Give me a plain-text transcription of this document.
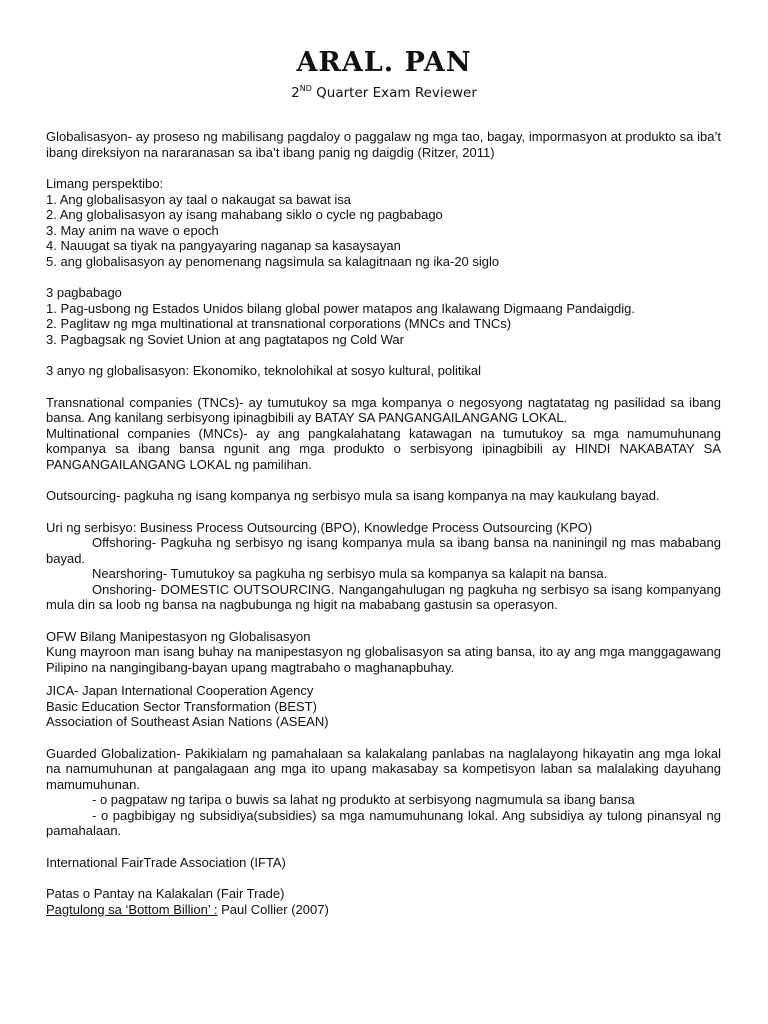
ARAL. PAN
2ND Quarter Exam Reviewer

Globalisasyon- ay proseso ng mabilisang pagdaloy o paggalaw ng mga tao, bagay, impormasyon at produkto sa iba’t ibang direksiyon na nararanasan sa iba’t ibang panig ng daigdig (Ritzer, 2011)

Limang perspektibo:

1. Ang globalisasyon ay taal o nakaugat sa bawat isa

2. Ang globalisasyon ay isang mahabang siklo o cycle ng pagbabago

3. May anim na wave o epoch

4. Nauugat sa tiyak na pangyayaring naganap sa kasaysayan

5. ang globalisasyon ay penomenang nagsimula sa kalagitnaan ng ika-20 siglo

3 pagbabago

1. Pag-usbong ng Estados Unidos bilang global power matapos ang Ikalawang Digmaang Pandaigdig.

2. Paglitaw ng mga multinational at transnational corporations (MNCs and TNCs)

3. Pagbagsak ng Soviet Union at ang pagtatapos ng Cold War

3 anyo ng globalisasyon: Ekonomiko, teknolohikal at sosyo kultural, politikal

Transnational companies (TNCs)- ay tumutukoy sa mga kompanya o negosyong nagtatatag ng pasilidad sa ibang bansa. Ang kanilang serbisyong ipinagbibili ay BATAY SA PANGANGAILANGANG LOKAL.

Multinational companies (MNCs)- ay ang pangkalahatang katawagan na tumutukoy sa mga namumuhunang kompanya sa ibang bansa ngunit ang mga produkto o serbisyong ipinagbibili ay HINDI NAKABATAY SA PANGANGAILANGANG LOKAL ng pamilihan.

Outsourcing- pagkuha ng isang kompanya ng serbisyo mula sa isang kompanya na may kaukulang bayad.

Uri ng serbisyo: Business Process Outsourcing (BPO), Knowledge Process Outsourcing (KPO)

Offshoring- Pagkuha ng serbisyo ng isang kompanya mula sa ibang bansa na naniningil ng mas mababang bayad.

Nearshoring- Tumutukoy sa pagkuha ng serbisyo mula sa kompanya sa kalapit na bansa.

Onshoring- DOMESTIC OUTSOURCING. Nangangahulugan ng pagkuha ng serbisyo sa isang kompanyang mula din sa loob ng bansa na nagbubunga ng higit na mababang gastusin sa operasyon.

OFW Bilang Manipestasyon ng Globalisasyon

Kung mayroon man isang buhay na manipestasyon ng globalisasyon sa ating bansa, ito ay ang mga manggagawang Pilipino na nangingibang-bayan upang magtrabaho o maghanapbuhay.

JICA- Japan International Cooperation Agency

Basic Education Sector Transformation (BEST)

Association of Southeast Asian Nations (ASEAN)

Guarded Globalization- Pakikialam ng pamahalaan sa kalakalang panlabas na naglalayong hikayatin ang mga lokal na namumuhunan at pangalagaan ang mga ito upang makasabay sa kompetisyon laban sa malalaking dayuhang mamumuhunan.

- o pagpataw ng taripa o buwis sa lahat ng produkto at serbisyong nagmumula sa ibang bansa

- o pagbibigay ng subsidiya(subsidies) sa mga namumuhunang lokal. Ang subsidiya ay tulong pinansyal ng pamahalaan.

International FairTrade Association (IFTA)

Patas o Pantay na Kalakalan (Fair Trade)

Pagtulong sa ‘Bottom Billion’ : Paul Collier (2007)
